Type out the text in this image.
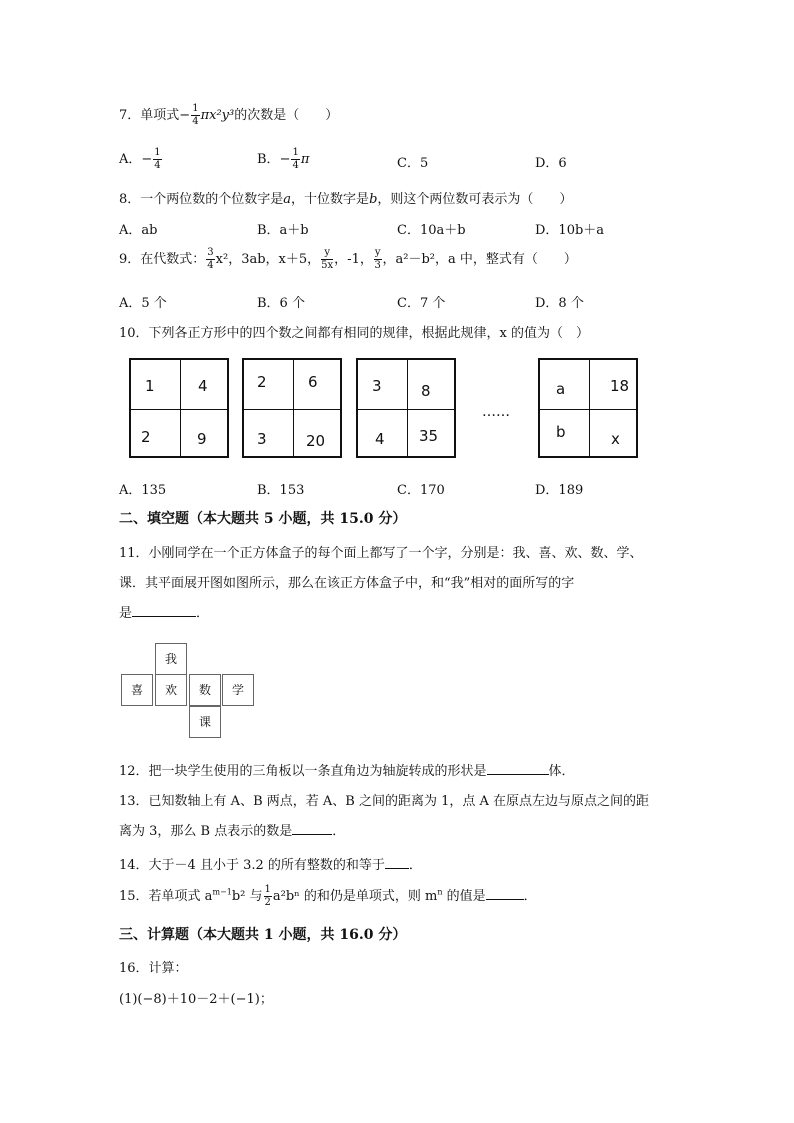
7．单项式− $\frac{1}{4} \pi x^2y^3$的次数是（　　）
A．− $\frac{1}{4}$	B．− $\frac{1}{4}$ π	C．5	D．6
8．一个两位数的个位数字是a，十位数字是b，则这个两位数可表示为（　　）
A．ab	B．a＋b	C．10a＋b	D．10b＋a
9．在代数式： $\frac{3}{4} x^2$，3ab，x＋5， $\frac{y}{5x}$ ，-1， $\frac{y}{3}$ ，a²－b²，a 中，整式有（　　）
A．5 个	B．6 个	C．7 个	D．8 个
10．下列各正方形中的四个数之间都有相同的规律，根据此规律，x 的值为（　）
1	4
2	9
2	6
3	20
3	8
4 35
……
a	18
b	x
A．135	B．153	C．170	D．189
二、填空题（本大题共 5 小题，共 15.0 分）
11．小刚同学在一个正方体盒子的每个面上都写了一个字，分别是：我、喜、欢、数、学、
课．其平面展开图如图所示，那么在该正方体盒子中，和“我”相对的面所写的字
是	．
我
喜	欢	数	学
课
12．把一块学生使用的三角板以一条直角边为轴旋转成的形状是	体．
13．已知数轴上有 A、B 两点，若 A、B 之间的距离为 1，点 A 在原点左边与原点之间的距
离为 3，那么 B 点表示的数是	．
14．大于－4 且小于 3.2 的所有整数的和等于 ．
15．若单项式 $a^{m-1}b^2$ 与 $\frac{1}{2} a^2b^n$ 的和仍是单项式，则 $m^n$ 的值是	．
三、计算题（本大题共 1 小题，共 16.0 分）
16．计算：
(1)(−8)＋10－2＋(−1)；
